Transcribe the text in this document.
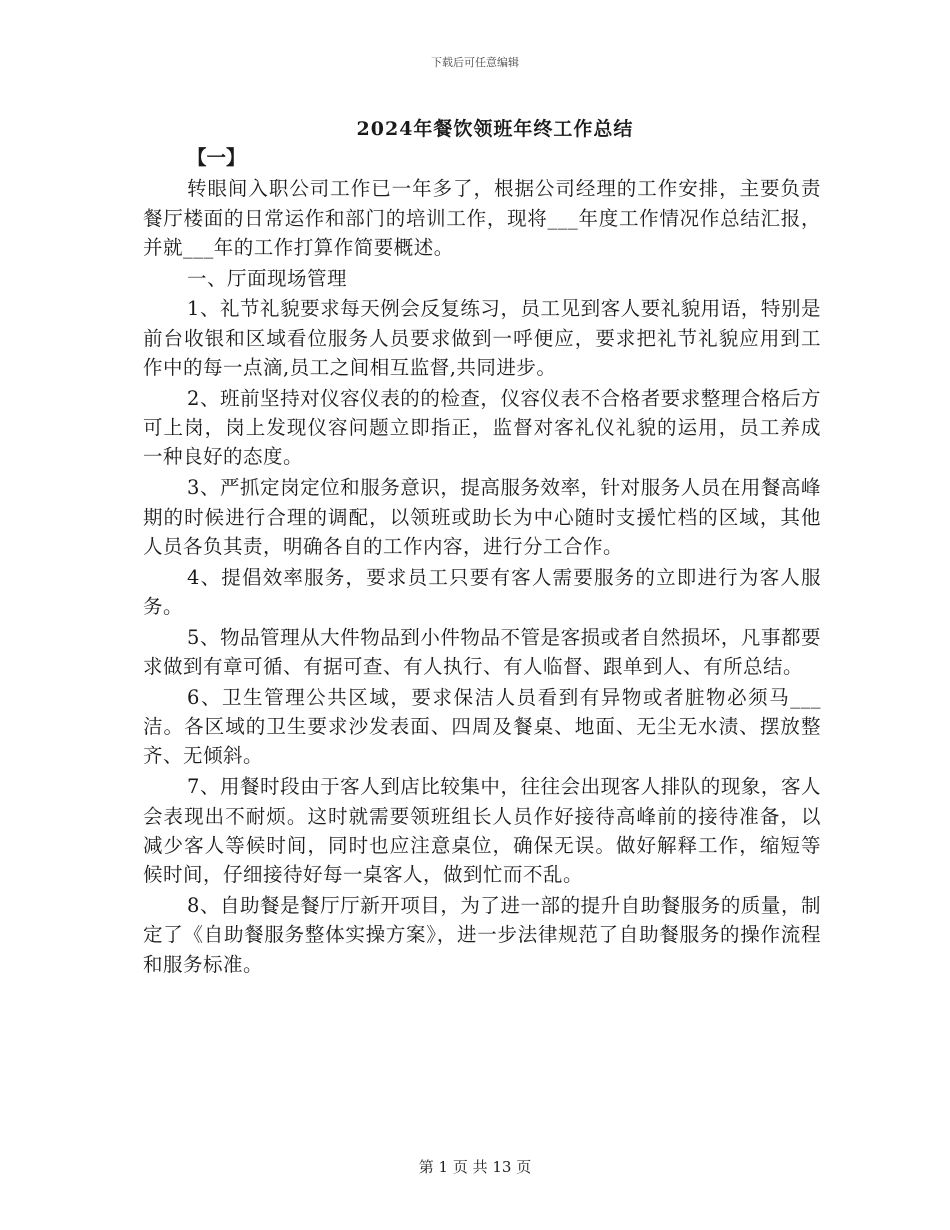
下载后可任意编辑
2024年餐饮领班年终工作总结
【一】

转眼间入职公司工作已一年多了，根据公司经理的工作安排，主要负责餐厅楼面的日常运作和部门的培训工作，现将___年度工作情况作总结汇报，并就___年的工作打算作简要概述。

一、厅面现场管理

1、礼节礼貌要求每天例会反复练习，员工见到客人要礼貌用语，特别是前台收银和区域看位服务人员要求做到一呼便应，要求把礼节礼貌应用到工作中的每一点滴,员工之间相互监督,共同进步。

2、班前坚持对仪容仪表的的检查，仪容仪表不合格者要求整理合格后方可上岗，岗上发现仪容问题立即指正，监督对客礼仪礼貌的运用，员工养成一种良好的态度。

3、严抓定岗定位和服务意识，提高服务效率，针对服务人员在用餐高峰期的时候进行合理的调配，以领班或助长为中心随时支援忙档的区域，其他人员各负其责，明确各自的工作内容，进行分工合作。

4、提倡效率服务，要求员工只要有客人需要服务的立即进行为客人服务。

5、物品管理从大件物品到小件物品不管是客损或者自然损坏，凡事都要求做到有章可循、有据可查、有人执行、有人临督、跟单到人、有所总结。

6、卫生管理公共区域，要求保洁人员看到有异物或者脏物必须马___洁。各区域的卫生要求沙发表面、四周及餐桌、地面、无尘无水渍、摆放整齐、无倾斜。

7、用餐时段由于客人到店比较集中，往往会出现客人排队的现象，客人会表现出不耐烦。这时就需要领班组长人员作好接待高峰前的接待准备，以减少客人等候时间，同时也应注意桌位，确保无误。做好解释工作，缩短等候时间，仔细接待好每一桌客人，做到忙而不乱。

8、自助餐是餐厅厅新开项目，为了进一部的提升自助餐服务的质量，制定了《自助餐服务整体实操方案》，进一步法律规范了自助餐服务的操作流程和服务标准。

第 1 页 共 13 页
